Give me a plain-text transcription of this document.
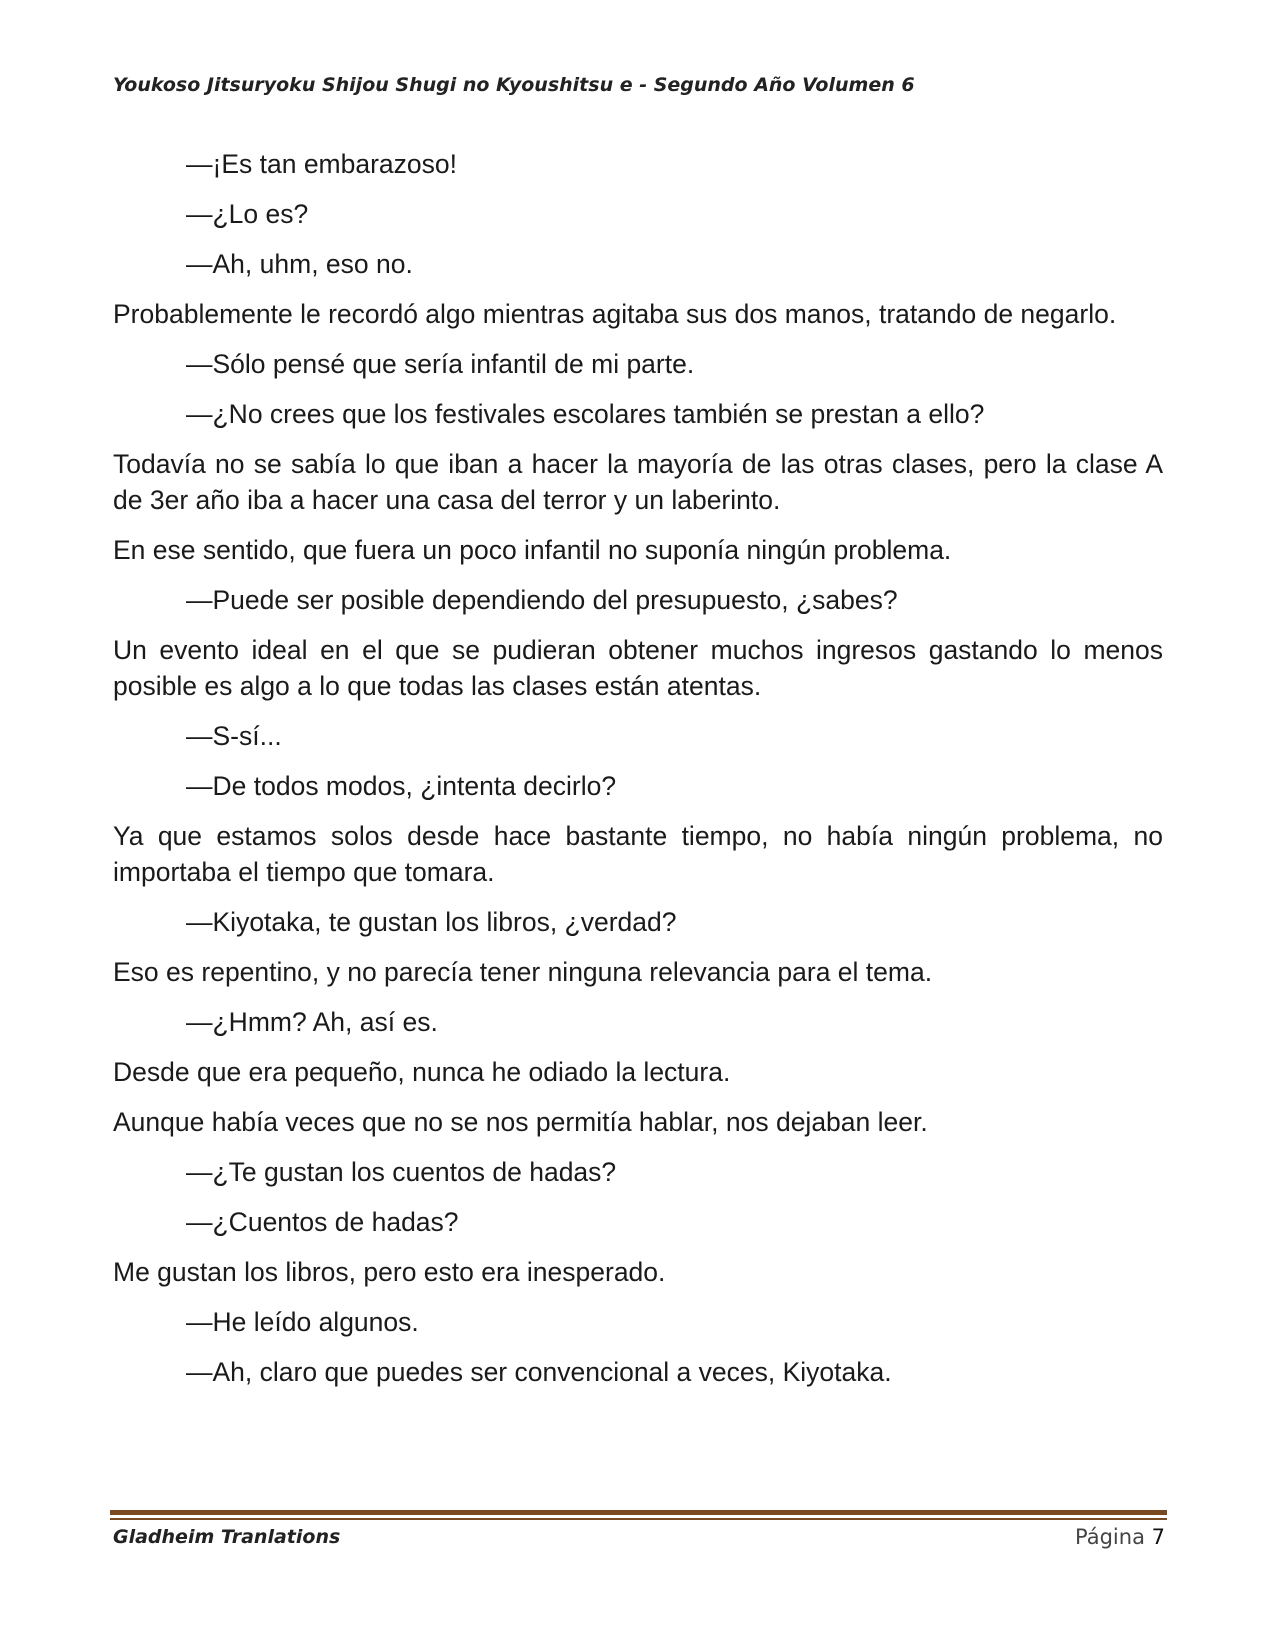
Youkoso Jitsuryoku Shijou Shugi no Kyoushitsu e - Segundo Año Volumen 6

—¡Es tan embarazoso!

—¿Lo es?

—Ah, uhm, eso no.

Probablemente le recordó algo mientras agitaba sus dos manos, tratando de negarlo.

—Sólo pensé que sería infantil de mi parte.

—¿No crees que los festivales escolares también se prestan a ello?

Todavía no se sabía lo que iban a hacer la mayoría de las otras clases, pero la clase A de 3er año iba a hacer una casa del terror y un laberinto.

En ese sentido, que fuera un poco infantil no suponía ningún problema.

—Puede ser posible dependiendo del presupuesto, ¿sabes?

Un evento ideal en el que se pudieran obtener muchos ingresos gastando lo menos posible es algo a lo que todas las clases están atentas.

—S-sí...

—De todos modos, ¿intenta decirlo?

Ya que estamos solos desde hace bastante tiempo, no había ningún problema, no importaba el tiempo que tomara.

—Kiyotaka, te gustan los libros, ¿verdad?

Eso es repentino, y no parecía tener ninguna relevancia para el tema.

—¿Hmm? Ah, así es.

Desde que era pequeño, nunca he odiado la lectura.

Aunque había veces que no se nos permitía hablar, nos dejaban leer.

—¿Te gustan los cuentos de hadas?

—¿Cuentos de hadas?

Me gustan los libros, pero esto era inesperado.

—He leído algunos.

—Ah, claro que puedes ser convencional a veces, Kiyotaka.

Gladheim Tranlations	Página 7
